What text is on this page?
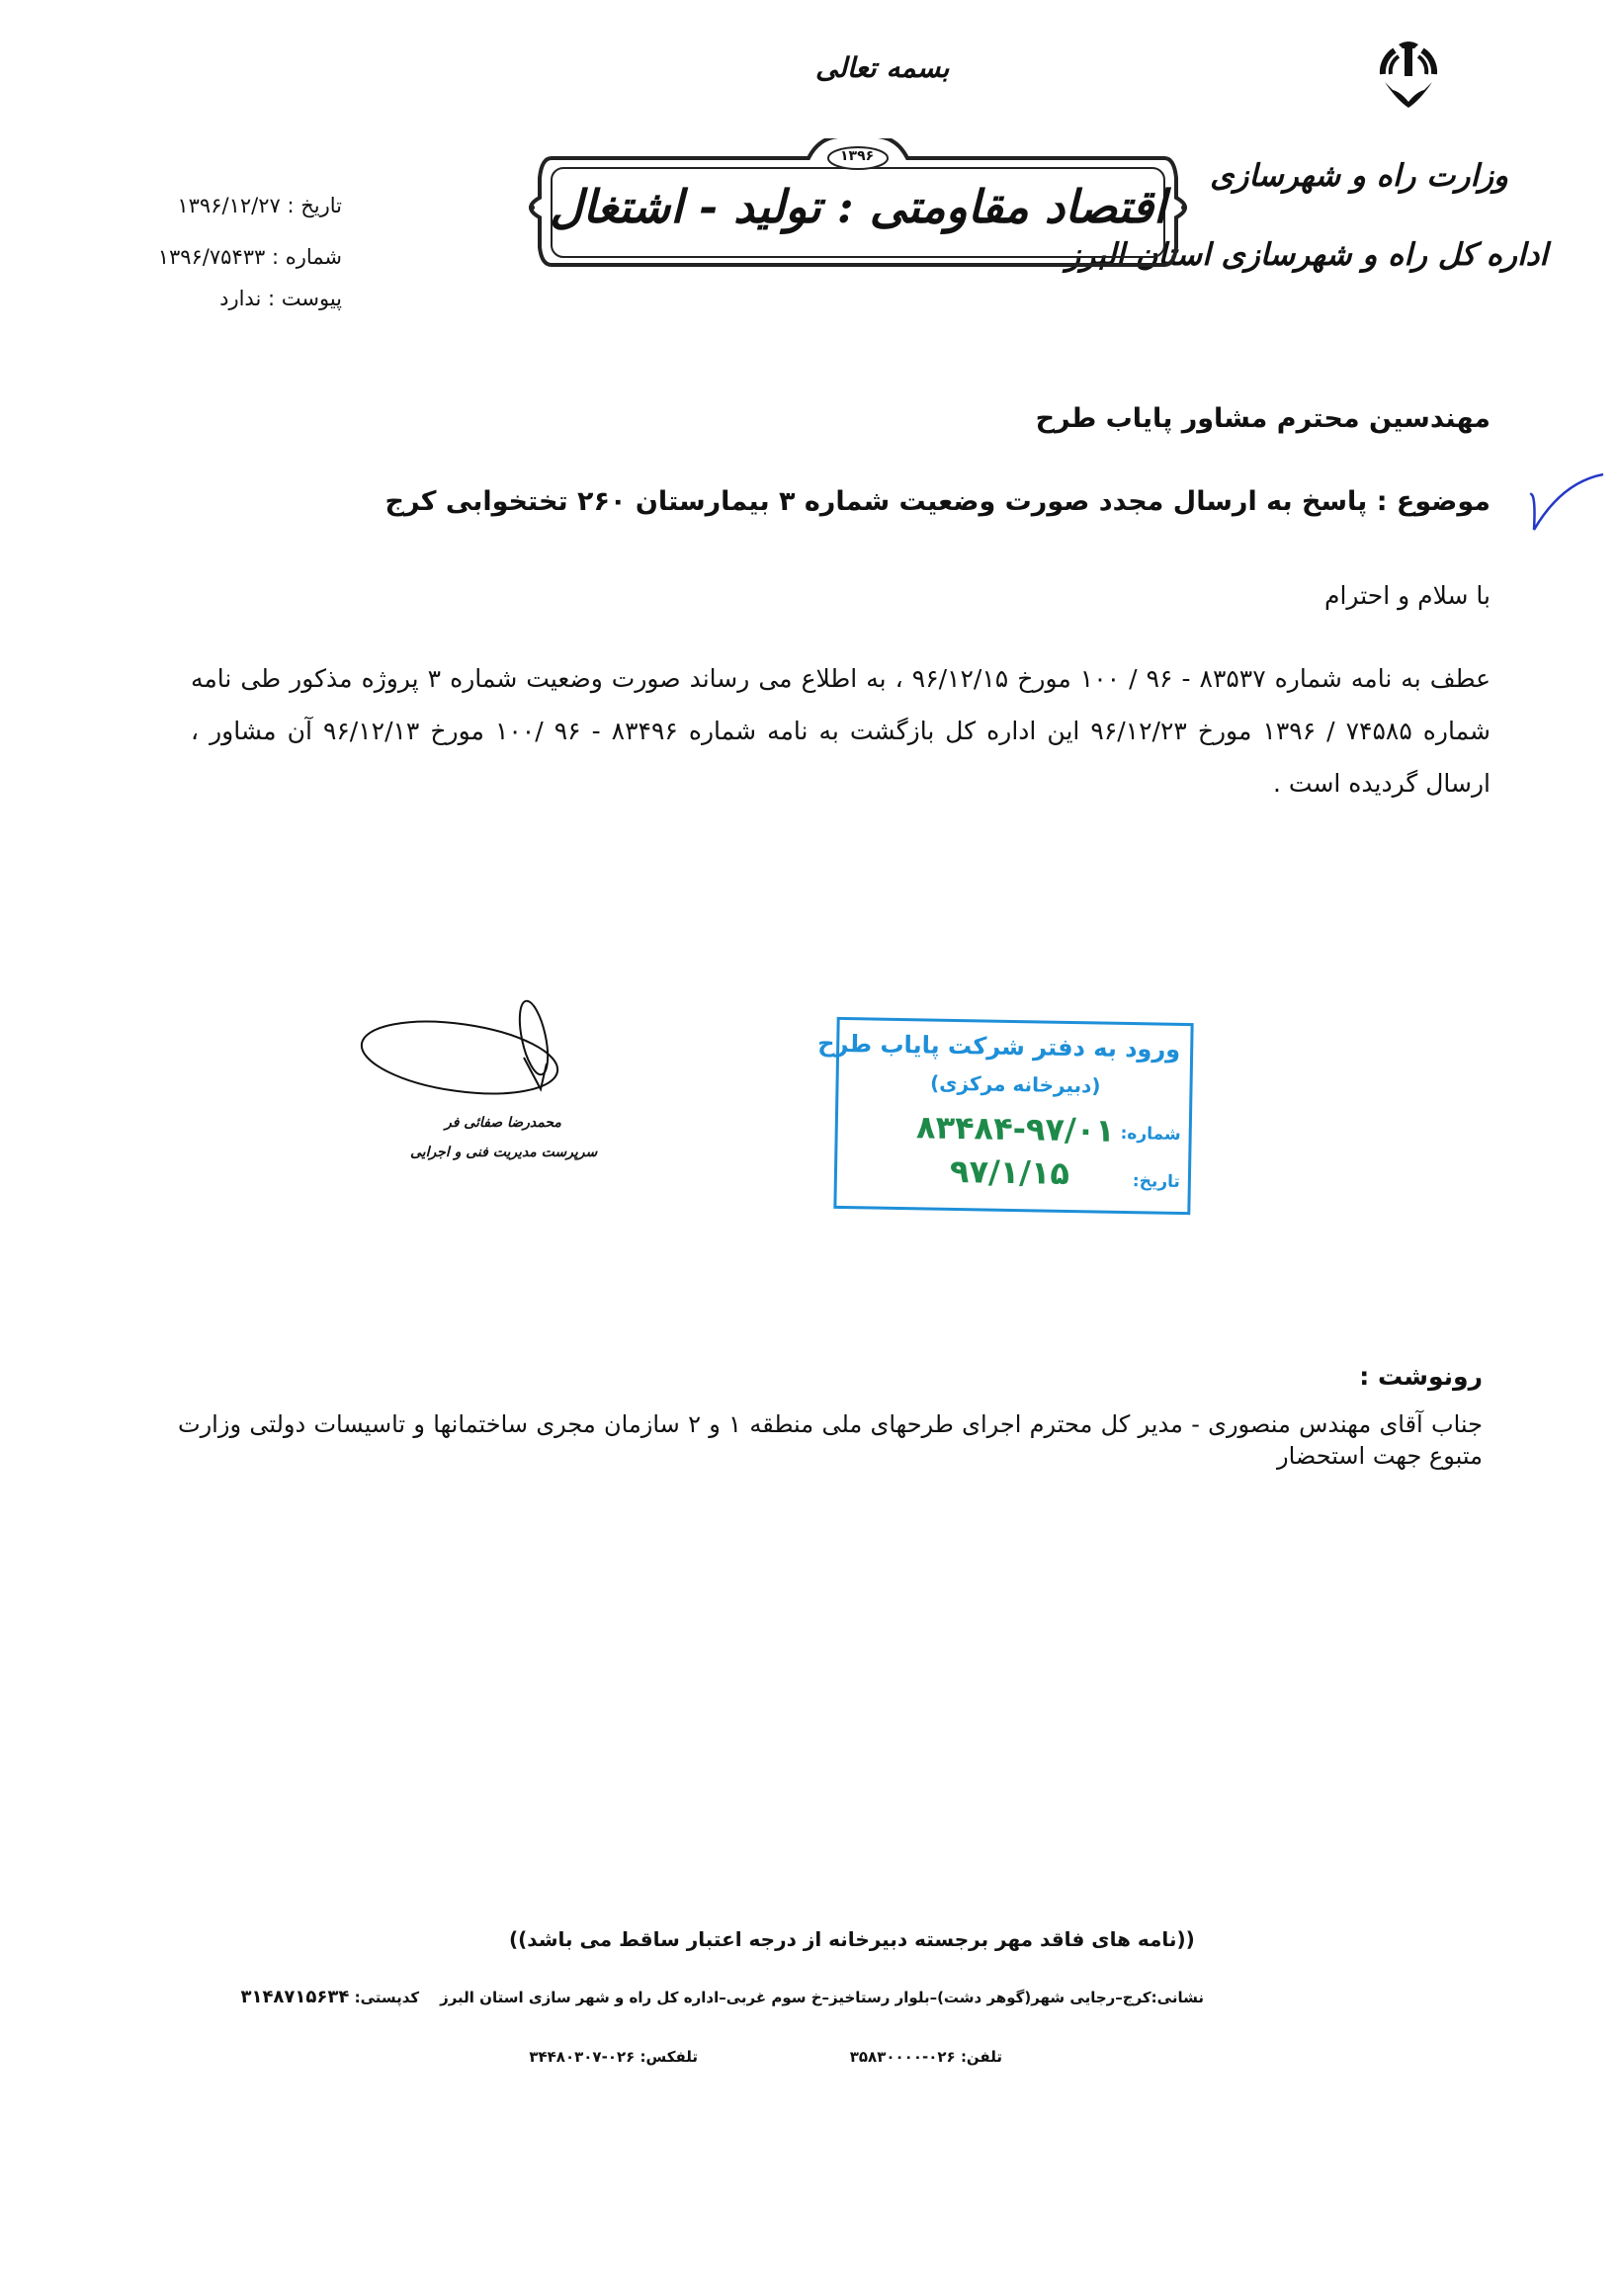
وزارت راه و شهرسازی
اداره کل راه و شهرسازی استان البرز
بسمه تعالی
۱۳۹۶
اقتصاد مقاومتی : تولید - اشتغال
تاریخ : ۱۳۹۶/۱۲/۲۷
شماره : ۱۳۹۶/۷۵۴۳۳
پیوست : ندارد
مهندسین محترم مشاور پایاب طرح
موضوع : پاسخ به ارسال مجدد صورت وضعیت شماره ۳ بیمارستان ۲۶۰ تختخوابی کرج
با سلام و احترام
عطف به نامه شماره ۸۳۵۳۷ - ۹۶ / ۱۰۰ مورخ ۹۶/۱۲/۱۵ ، به اطلاع می رساند صورت وضعیت شماره ۳ پروژه مذکور طی نامه شماره ۷۴۵۸۵ / ۱۳۹۶ مورخ ۹۶/۱۲/۲۳ این اداره کل بازگشت به نامه شماره ۸۳۴۹۶ - ۹۶ /۱۰۰ مورخ ۹۶/۱۲/۱۳ آن مشاور ، ارسال گردیده است .
محمدرضا صفائی فر
سرپرست مدیریت فنی و اجرایی
ورود به دفتر شرکت پایاب طرح
(دبیرخانه مرکزی)
شماره:
۸۳۴۸۴-۹۷/۰۱
تاریخ:
۹۷/۱/۱۵
رونوشت :
جناب آقای مهندس منصوری - مدیر کل محترم اجرای طرحهای ملی منطقه ۱ و ۲ سازمان مجری ساختمانها و تاسیسات دولتی وزارت متبوع جهت استحضار
((نامه های فاقد مهر برجسته دبیرخانه از درجه اعتبار ساقط می باشد))
نشانی:کرج–رجایی شهر(گوهر دشت)–بلوار رستاخیز–خ سوم غربی–اداره کل راه و شهر سازی استان البرز    کدپستی: ۳۱۴۸۷۱۵۶۳۴
تلفن: ۰۲۶-۳۵۸۳۰۰۰۰
تلفکس: ۰۲۶-۳۴۴۸۰۳۰۷
